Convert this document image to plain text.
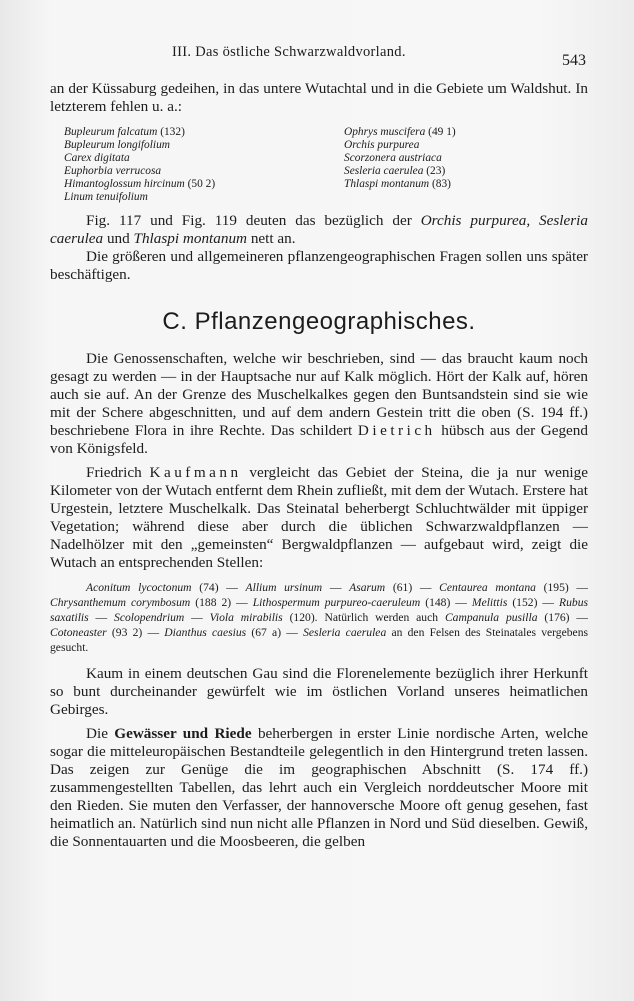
III. Das östliche Schwarzwaldvorland.	543

an der Küssaburg gedeihen, in das untere Wutachtal und in die Gebiete um Waldshut. In letzterem fehlen u. a.:

Bupleurum falcatum (132)
Bupleurum longifolium
Carex digitata
Euphorbia verrucosa
Himantoglossum hircinum (50 2)
Linum tenuifolium
Ophrys muscifera (49 1)
Orchis purpurea
Scorzonera austriaca
Sesleria caerulea (23)
Thlaspi montanum (83)

Fig. 117 und Fig. 119 deuten das bezüglich der Orchis purpurea, Sesleria caerulea und Thlaspi montanum nett an.

Die größeren und allgemeineren pflanzengeographischen Fragen sollen uns später beschäftigen.

C. Pflanzengeographisches.

Die Genossenschaften, welche wir beschrieben, sind — das braucht kaum noch gesagt zu werden — in der Hauptsache nur auf Kalk möglich. Hört der Kalk auf, hören auch sie auf. An der Grenze des Muschelkalkes gegen den Buntsandstein sind sie wie mit der Schere abgeschnitten, und auf dem andern Gestein tritt die oben (S. 194 ff.) beschriebene Flora in ihre Rechte. Das schildert Dietrich hübsch aus der Gegend von Königsfeld.

Friedrich Kaufmann vergleicht das Gebiet der Steina, die ja nur wenige Kilometer von der Wutach entfernt dem Rhein zufließt, mit dem der Wutach. Erstere hat Urgestein, letztere Muschelkalk. Das Steinatal beherbergt Schluchtwälder mit üppiger Vegetation; während diese aber durch die üblichen Schwarzwaldpflanzen — Nadelhölzer mit den „gemeinsten“ Bergwaldpflanzen — aufgebaut wird, zeigt die Wutach an entsprechenden Stellen:

Aconitum lycoctonum (74) — Allium ursinum — Asarum (61) — Centaurea montana (195) — Chrysanthemum corymbosum (188 2) — Lithospermum purpureo-caeruleum (148) — Melittis (152) — Rubus saxatilis — Scolopendrium — Viola mirabilis (120). Natürlich werden auch Campanula pusilla (176) — Cotoneaster (93 2) — Dianthus caesius (67 a) — Sesleria caerulea an den Felsen des Steinatales vergebens gesucht.

Kaum in einem deutschen Gau sind die Florenelemente bezüglich ihrer Herkunft so bunt durcheinander gewürfelt wie im östlichen Vorland unseres heimatlichen Gebirges.

Die Gewässer und Riede beherbergen in erster Linie nordische Arten, welche sogar die mitteleuropäischen Bestandteile gelegentlich in den Hintergrund treten lassen. Das zeigen zur Genüge die im geographischen Abschnitt (S. 174 ff.) zusammengestellten Tabellen, das lehrt auch ein Vergleich norddeutscher Moore mit den Rieden. Sie muten den Verfasser, der hannoversche Moore oft genug gesehen, fast heimatlich an. Natürlich sind nun nicht alle Pflanzen in Nord und Süd dieselben. Gewiß, die Sonnentauarten und die Moosbeeren, die gelben
